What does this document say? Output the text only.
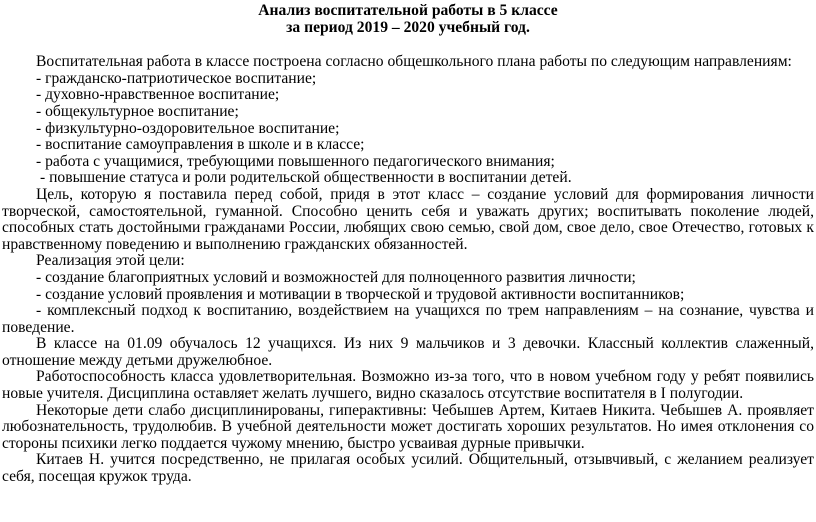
Анализ воспитательной работы в 5 классе

за период 2019 – 2020 учебный год.

Воспитательная работа в классе построена согласно общешкольного плана работы по следующим направлениям:

- гражданско-патриотическое воспитание;

- духовно-нравственное воспитание;

- общекультурное воспитание;

- физкультурно-оздоровительное воспитание;

- воспитание самоуправления в школе и в классе;

- работа с учащимися, требующими повышенного педагогического внимания;

- повышение статуса и роли родительской общественности в воспитании детей.

Цель, которую я поставила перед собой, придя в этот класс – создание условий для формирования личности творческой, самостоятельной, гуманной. Способно ценить себя и уважать других; воспитывать поколение людей, способных стать достойными гражданами России, любящих свою семью, свой дом, свое дело, свое Отечество, готовых к нравственному поведению и выполнению гражданских обязанностей.

Реализация этой цели:

- создание благоприятных условий и возможностей для полноценного развития личности;

- создание условий проявления и мотивации в творческой и трудовой активности воспитанников;

- комплексный подход к воспитанию, воздействием на учащихся по трем направлениям – на сознание, чувства и поведение.

В классе на 01.09 обучалось 12 учащихся. Из них 9 мальчиков и 3 девочки. Классный коллектив слаженный, отношение между детьми дружелюбное.

Работоспособность класса удовлетворительная. Возможно из-за того, что в новом учебном году у ребят появились новые учителя. Дисциплина оставляет желать лучшего, видно сказалось отсутствие воспитателя в I полугодии.

Некоторые дети слабо дисциплинированы, гиперактивны: Чебышев Артем, Китаев Никита. Чебышев А. проявляет любознательность, трудолюбив. В учебной деятельности может достигать хороших результатов. Но имея отклонения со стороны психики легко поддается чужому мнению, быстро усваивая дурные привычки.

Китаев Н. учится посредственно, не прилагая особых усилий. Общительный, отзывчивый, с желанием реализует себя, посещая кружок труда.
